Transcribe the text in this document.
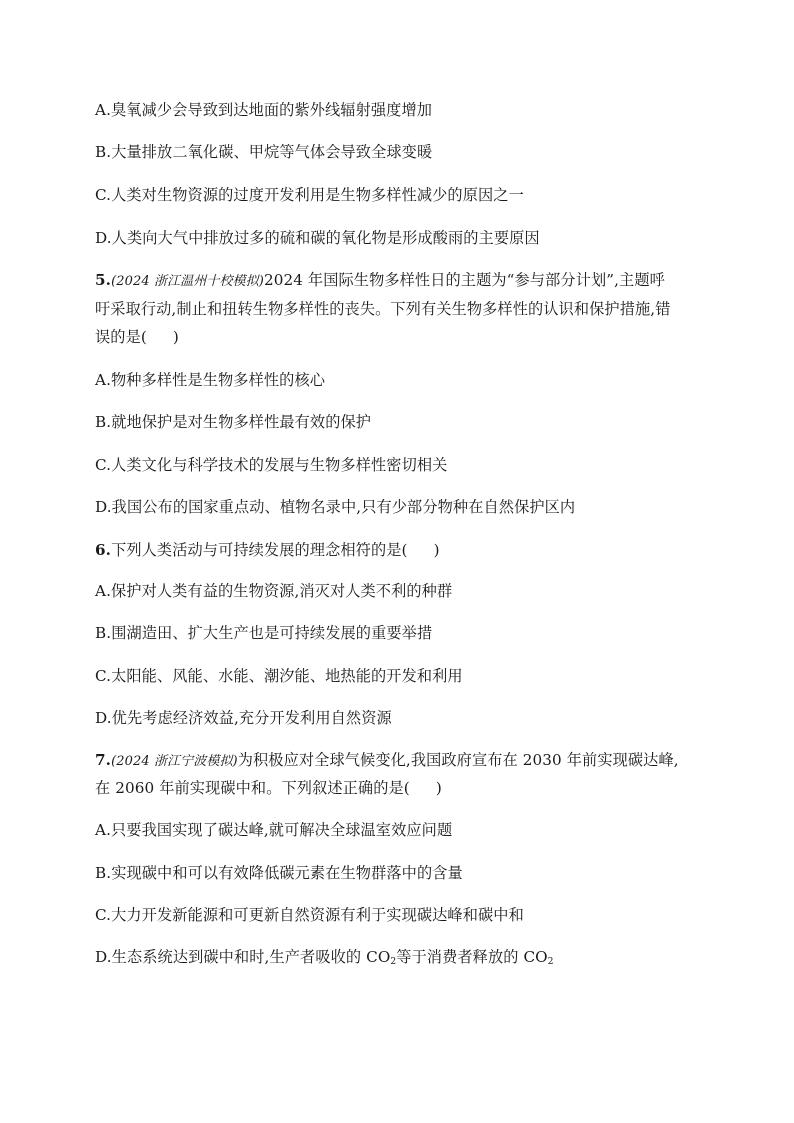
A.臭氧减少会导致到达地面的紫外线辐射强度增加
B.大量排放二氧化碳、甲烷等气体会导致全球变暖
C.人类对生物资源的过度开发利用是生物多样性减少的原因之一
D.人类向大气中排放过多的硫和碳的氧化物是形成酸雨的主要原因
5.(2024 浙江温州十校模拟)2024 年国际生物多样性日的主题为“参与部分计划”,主题呼
吁采取行动,制止和扭转生物多样性的丧失。下列有关生物多样性的认识和保护措施,错
误的是( )
A.物种多样性是生物多样性的核心
B.就地保护是对生物多样性最有效的保护
C.人类文化与科学技术的发展与生物多样性密切相关
D.我国公布的国家重点动、植物名录中,只有少部分物种在自然保护区内
6.下列人类活动与可持续发展的理念相符的是( )
A.保护对人类有益的生物资源,消灭对人类不利的种群
B.围湖造田、扩大生产也是可持续发展的重要举措
C.太阳能、风能、水能、潮汐能、地热能的开发和利用
D.优先考虑经济效益,充分开发利用自然资源
7.(2024 浙江宁波模拟)为积极应对全球气候变化,我国政府宣布在 2030 年前实现碳达峰,
在 2060 年前实现碳中和。下列叙述正确的是( )
A.只要我国实现了碳达峰,就可解决全球温室效应问题
B.实现碳中和可以有效降低碳元素在生物群落中的含量
C.大力开发新能源和可更新自然资源有利于实现碳达峰和碳中和
D.生态系统达到碳中和时,生产者吸收的 $CO_2$等于消费者释放的 $CO_2$
